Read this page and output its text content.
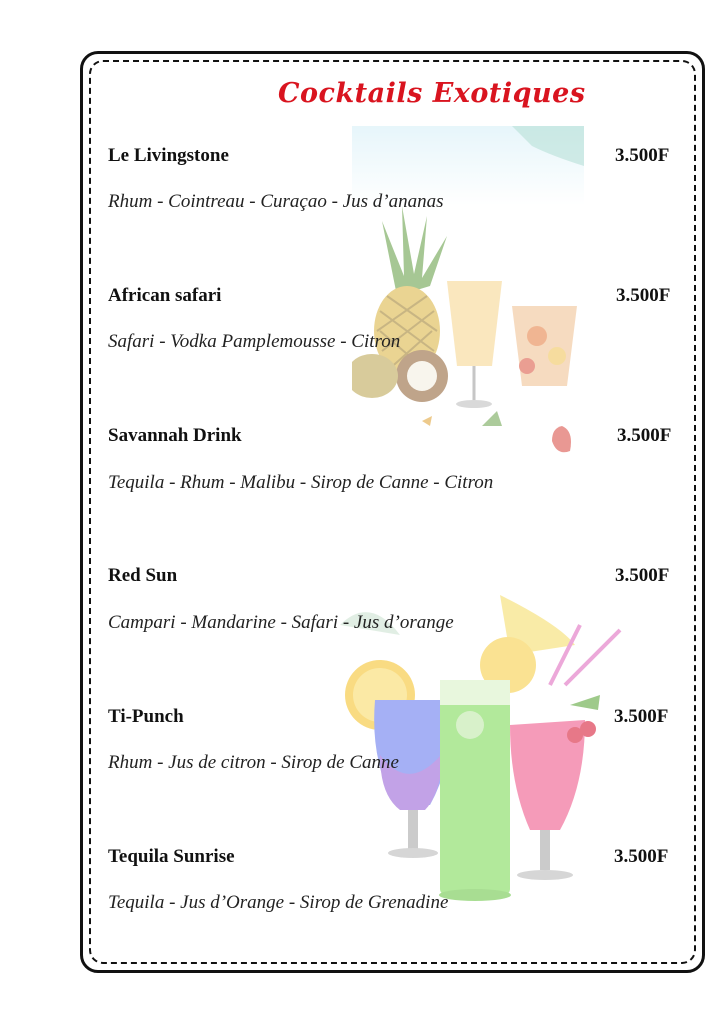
Cocktails Exotiques
Le Livingstone	3.500F
Rhum - Cointreau - Curaçao - Jus d’ananas
African safari	3.500F
Safari - Vodka Pamplemousse - Citron
Savannah Drink	3.500F
Tequila - Rhum - Malibu - Sirop de Canne - Citron
Red Sun	3.500F
Campari - Mandarine - Safari - Jus d’orange
Ti-Punch	3.500F
Rhum - Jus de citron - Sirop de Canne
Tequila Sunrise	3.500F
Tequila - Jus d’Orange - Sirop de Grenadine
